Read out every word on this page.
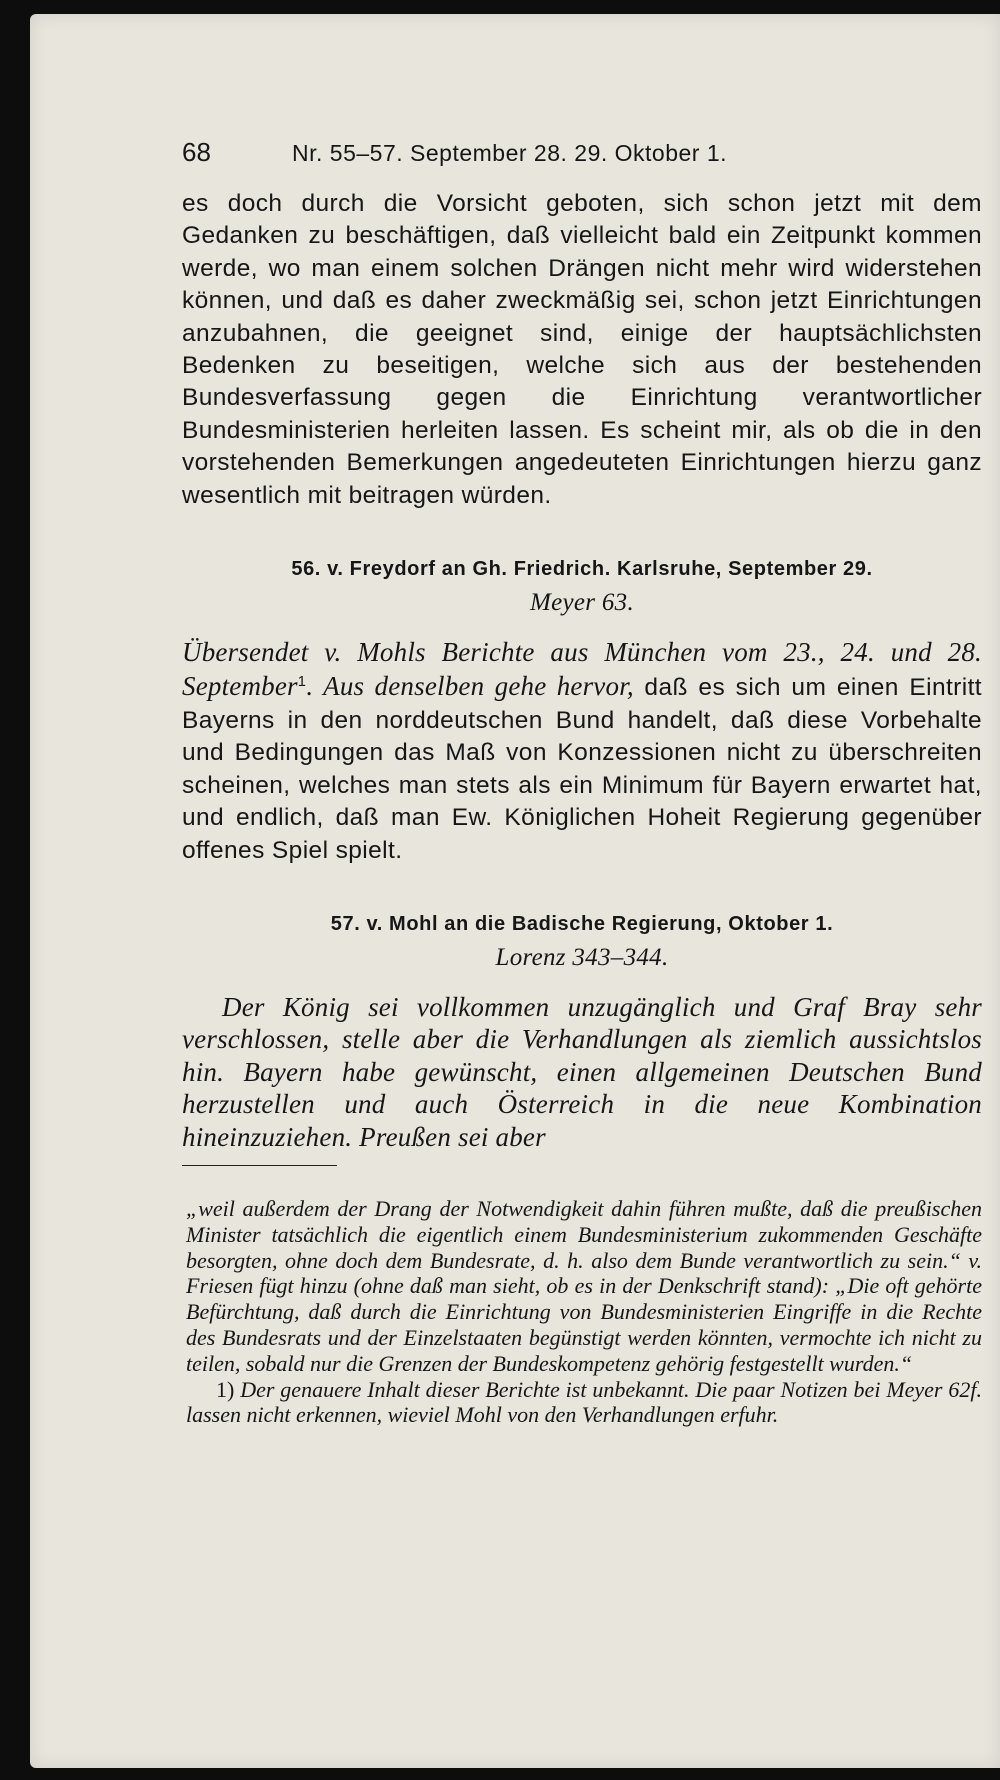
68	Nr. 55–57. September 28. 29. Oktober 1.

es doch durch die Vorsicht geboten, sich schon jetzt mit dem Gedanken zu beschäftigen, daß vielleicht bald ein Zeitpunkt kommen werde, wo man einem solchen Drängen nicht mehr wird widerstehen können, und daß es daher zweckmäßig sei, schon jetzt Einrichtungen anzubahnen, die geeignet sind, einige der hauptsächlichsten Bedenken zu beseitigen, welche sich aus der bestehenden Bundesverfassung gegen die Einrichtung verantwortlicher Bundesministerien herleiten lassen. Es scheint mir, als ob die in den vorstehenden Bemerkungen angedeuteten Einrichtungen hierzu ganz wesentlich mit beitragen würden.

56. v. Freydorf an Gh. Friedrich. Karlsruhe, September 29.
Meyer 63.

Übersendet v. Mohls Berichte aus München vom 23., 24. und 28. September$^1$. Aus denselben gehe hervor, daß es sich um einen Eintritt Bayerns in den norddeutschen Bund handelt, daß diese Vorbehalte und Bedingungen das Maß von Konzessionen nicht zu überschreiten scheinen, welches man stets als ein Minimum für Bayern erwartet hat, und endlich, daß man Ew. Königlichen Hoheit Regierung gegenüber offenes Spiel spielt.

57. v. Mohl an die Badische Regierung, Oktober 1.
Lorenz 343–344.

Der König sei vollkommen unzugänglich und Graf Bray sehr verschlossen, stelle aber die Verhandlungen als ziemlich aussichtslos hin. Bayern habe gewünscht, einen allgemeinen Deutschen Bund herzustellen und auch Österreich in die neue Kombination hineinzuziehen. Preußen sei aber

„weil außerdem der Drang der Notwendigkeit dahin führen mußte, daß die preußischen Minister tatsächlich die eigentlich einem Bundesministerium zukommenden Geschäfte besorgten, ohne doch dem Bundesrate, d. h. also dem Bunde verantwortlich zu sein.“ v. Friesen fügt hinzu (ohne daß man sieht, ob es in der Denkschrift stand): „Die oft gehörte Befürchtung, daß durch die Einrichtung von Bundesministerien Eingriffe in die Rechte des Bundesrats und der Einzelstaaten begünstigt werden könnten, vermochte ich nicht zu teilen, sobald nur die Grenzen der Bundeskompetenz gehörig festgestellt wurden.“

1) Der genauere Inhalt dieser Berichte ist unbekannt. Die paar Notizen bei Meyer 62f. lassen nicht erkennen, wieviel Mohl von den Verhandlungen erfuhr.
